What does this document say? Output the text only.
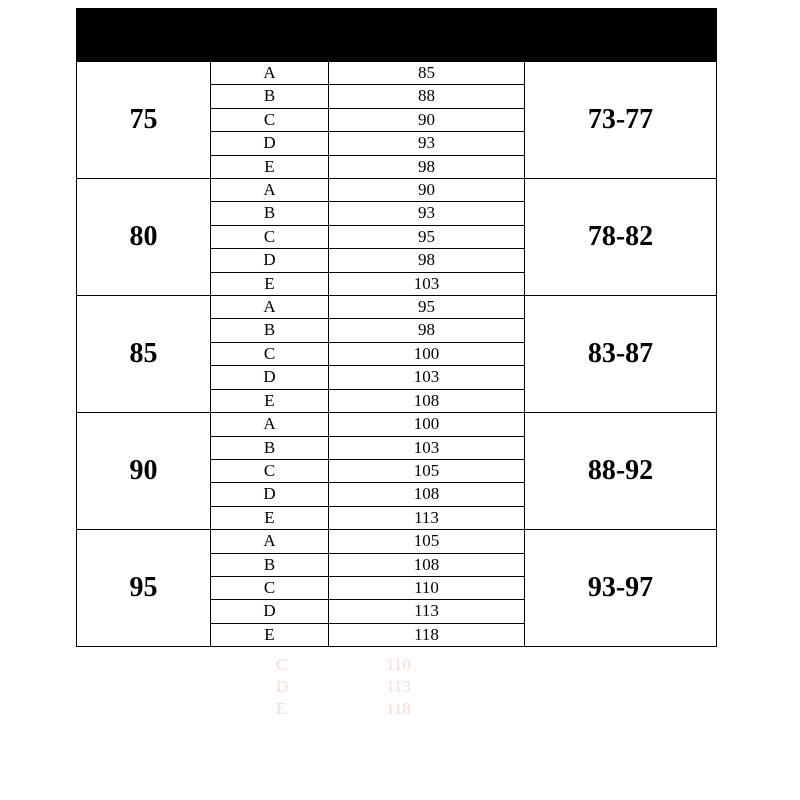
Size	upper
circumference(cm)		Lower(cm)
circumference

75	A	85	73-77
	B	88	
	C	90	
	D	93	
	E	98	
80	A	90	78-82
	B	93	
	C	95	
	D	98	
	E	103	
85	A	95	83-87
	B	98	
	C	100	
	D	103	
	E	108	
90	A	100	88-92
	B	103	
	C	105	
	D	108	
	E	113	
95	A	105	93-97
	B	108	
	C	110	
	D	113	
	E	118	
C
D
E
110
113
118
